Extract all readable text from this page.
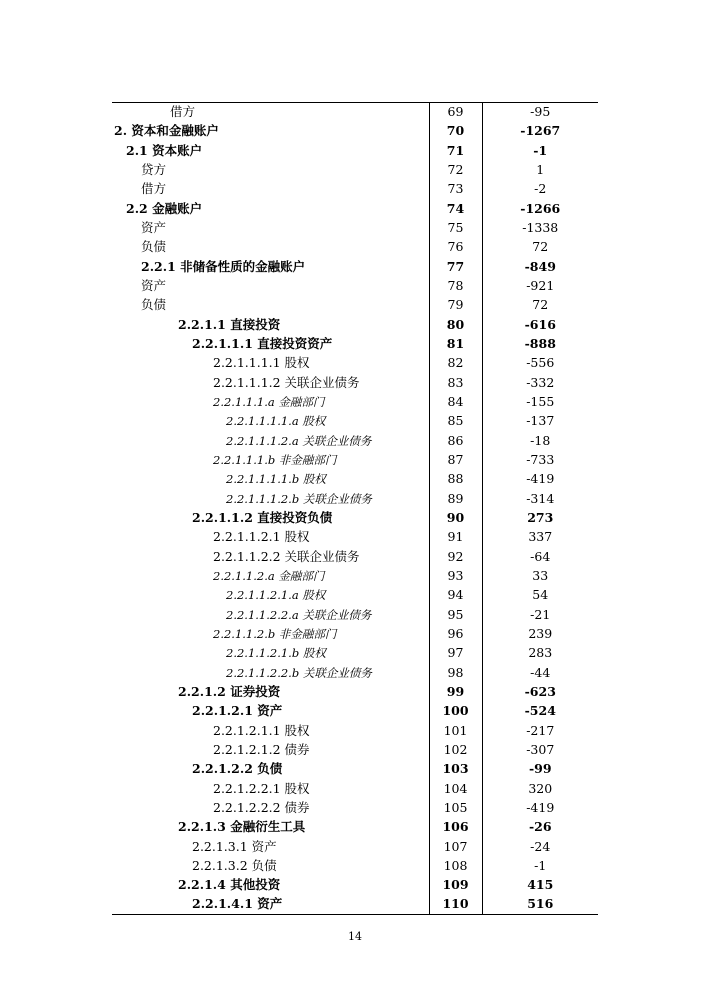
借方	69	-95
2. 资本和金融账户	70	-1267
2.1 资本账户	71	-1
贷方	72	1
借方	73	-2
2.2 金融账户	74	-1266
资产	75	-1338
负债	76	72
2.2.1 非储备性质的金融账户	77	-849
资产	78	-921
负债	79	72
2.2.1.1 直接投资	80	-616
2.2.1.1.1 直接投资资产	81	-888
2.2.1.1.1.1 股权	82	-556
2.2.1.1.1.2 关联企业债务	83	-332
2.2.1.1.1.a 金融部门	84	-155
2.2.1.1.1.1.a 股权	85	-137
2.2.1.1.1.2.a 关联企业债务	86	-18
2.2.1.1.1.b 非金融部门	87	-733
2.2.1.1.1.1.b 股权	88	-419
2.2.1.1.1.2.b 关联企业债务	89	-314
2.2.1.1.2 直接投资负债	90	273
2.2.1.1.2.1 股权	91	337
2.2.1.1.2.2 关联企业债务	92	-64
2.2.1.1.2.a 金融部门	93	33
2.2.1.1.2.1.a 股权	94	54
2.2.1.1.2.2.a 关联企业债务	95	-21
2.2.1.1.2.b 非金融部门	96	239
2.2.1.1.2.1.b 股权	97	283
2.2.1.1.2.2.b 关联企业债务	98	-44
2.2.1.2 证券投资	99	-623
2.2.1.2.1 资产	100	-524
2.2.1.2.1.1 股权	101	-217
2.2.1.2.1.2 债券	102	-307
2.2.1.2.2 负债	103	-99
2.2.1.2.2.1 股权	104	320
2.2.1.2.2.2 债券	105	-419
2.2.1.3 金融衍生工具	106	-26
2.2.1.3.1 资产	107	-24
2.2.1.3.2 负债	108	-1
2.2.1.4 其他投资	109	415
2.2.1.4.1 资产	110	516
14
